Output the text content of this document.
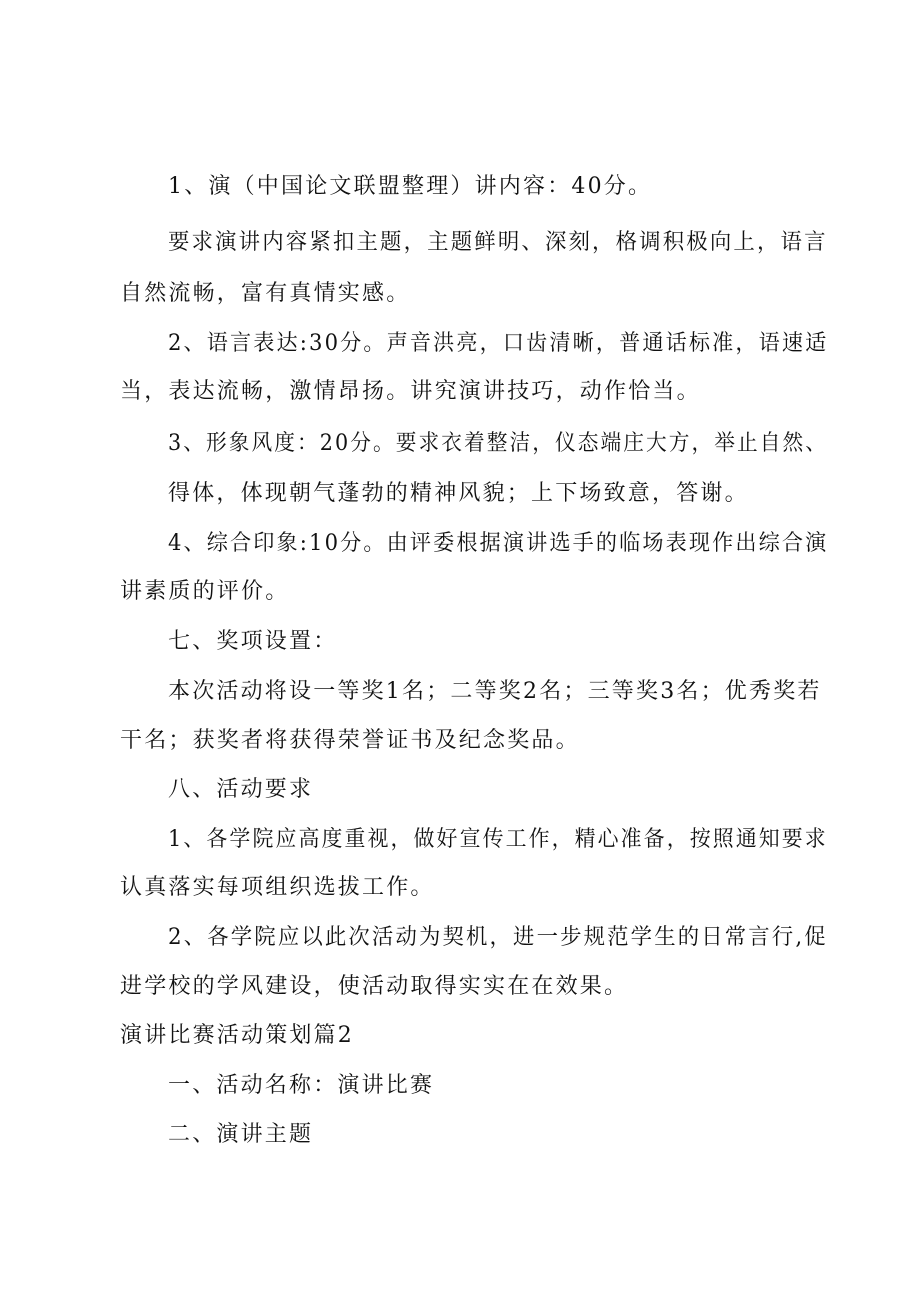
1、演（中国论文联盟整理）讲内容：40分。
要求演讲内容紧扣主题，主题鲜明、深刻，格调积极向上，语言
自然流畅，富有真情实感。
2、语言表达:30分。声音洪亮，口齿清晰，普通话标准，语速适
当，表达流畅，激情昂扬。讲究演讲技巧，动作恰当。
3、形象风度：20分。要求衣着整洁，仪态端庄大方，举止自然、
得体，体现朝气蓬勃的精神风貌；上下场致意，答谢。
4、综合印象:10分。由评委根据演讲选手的临场表现作出综合演
讲素质的评价。
七、奖项设置：
本次活动将设一等奖1名；二等奖2名；三等奖3名；优秀奖若
干名；获奖者将获得荣誉证书及纪念奖品。
八、活动要求
1、各学院应高度重视，做好宣传工作，精心准备，按照通知要求
认真落实每项组织选拔工作。
2、各学院应以此次活动为契机，进一步规范学生的日常言行,促
进学校的学风建设，使活动取得实实在在效果。
演讲比赛活动策划篇2
一、活动名称：演讲比赛
二、演讲主题
